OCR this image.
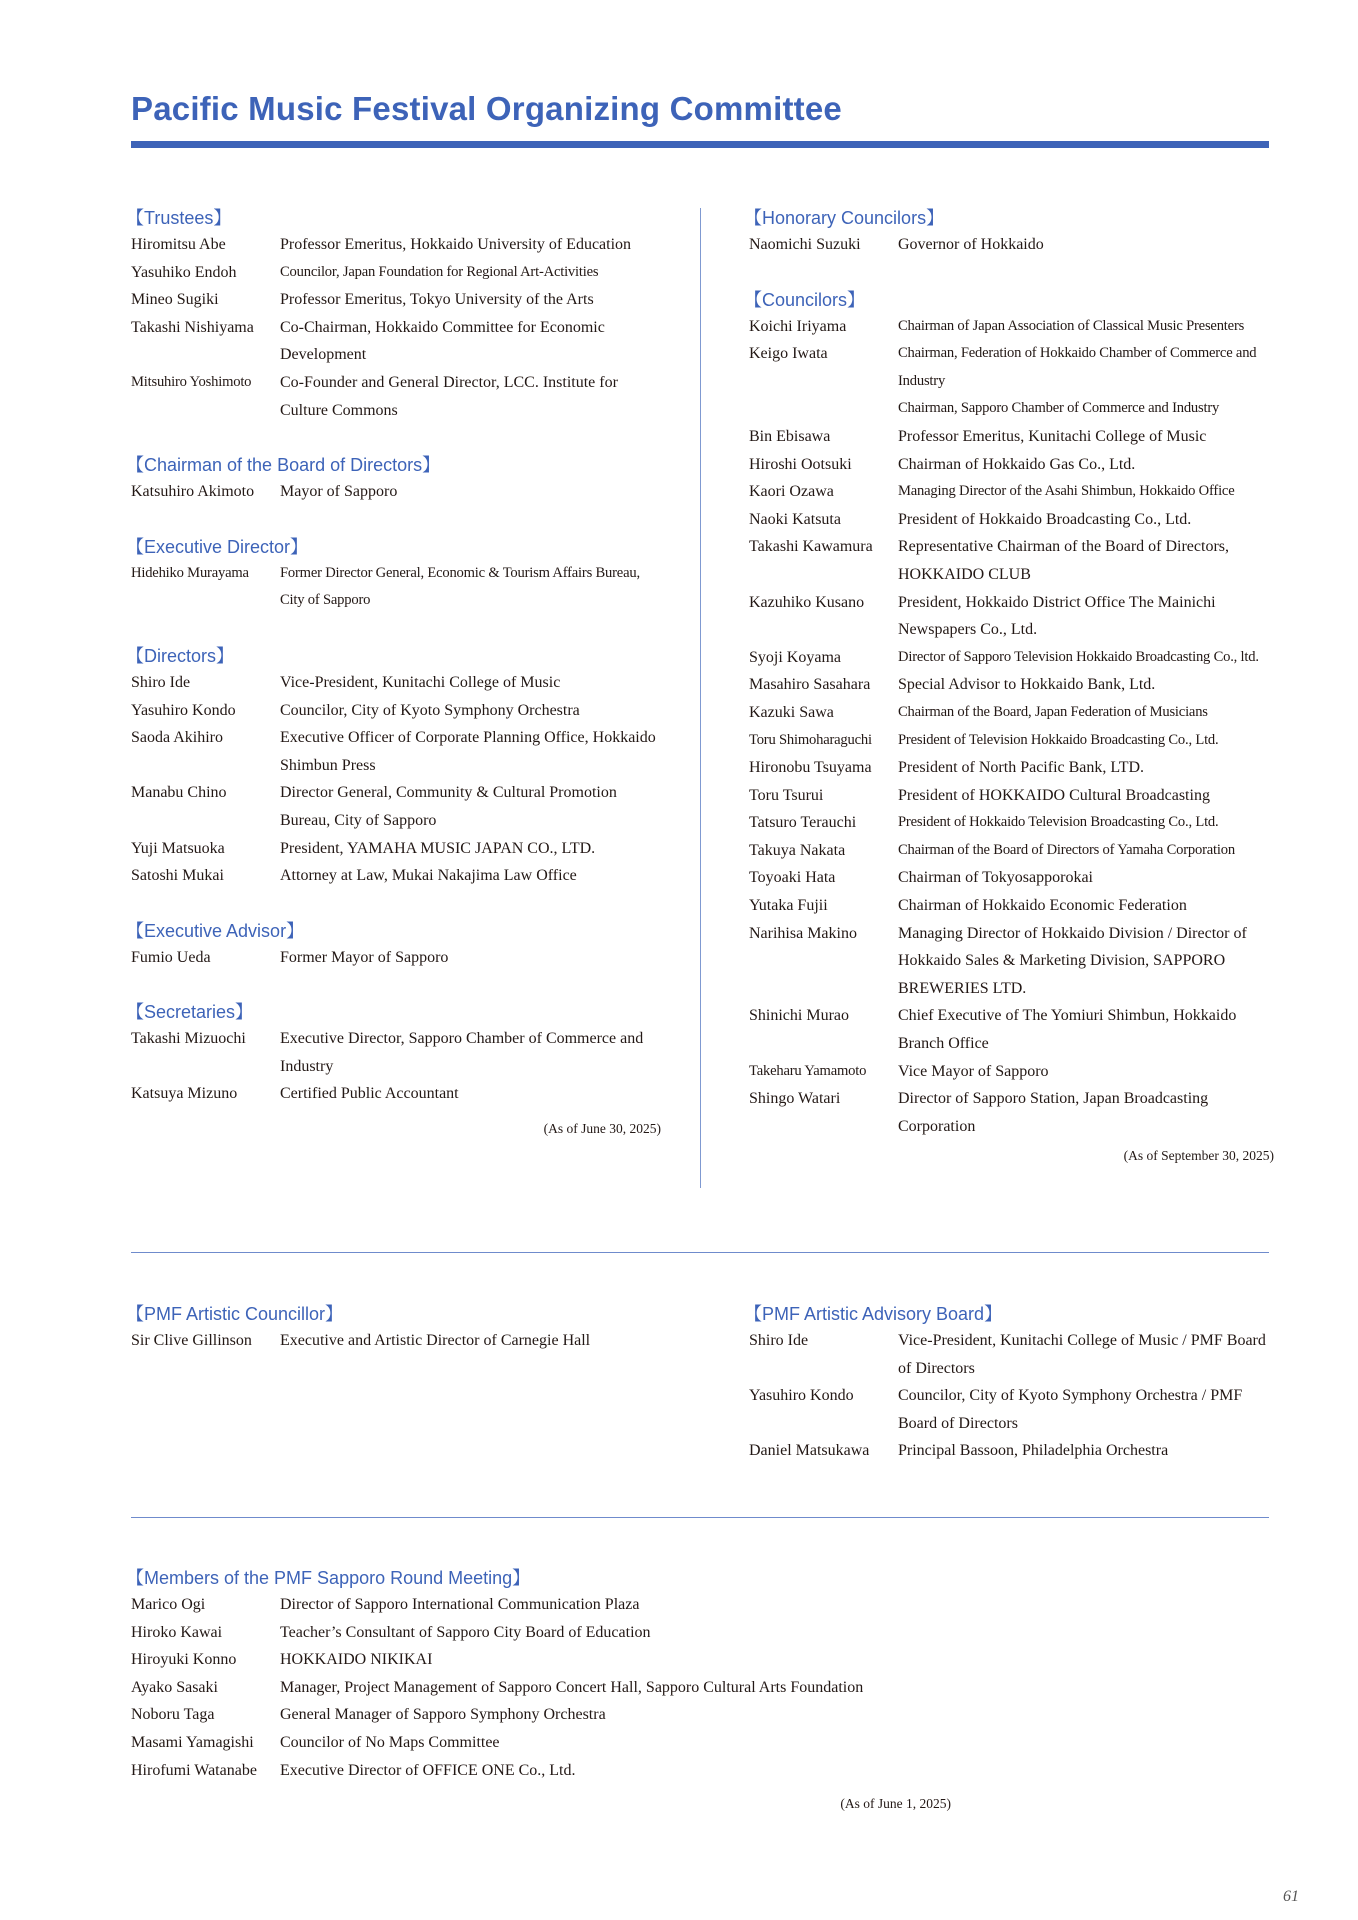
Pacific Music Festival Organizing Committee
【Trustees】
Hiromitsu Abe	Professor Emeritus, Hokkaido University of Education
Yasuhiko Endoh	Councilor, Japan Foundation for Regional Art-Activities
Mineo Sugiki	Professor Emeritus, Tokyo University of the Arts
Takashi Nishiyama	Co-Chairman, Hokkaido Committee for Economic Development
Mitsuhiro Yoshimoto	Co-Founder and General Director, LCC. Institute for Culture Commons
【Chairman of the Board of Directors】
Katsuhiro Akimoto	Mayor of Sapporo
【Executive Director】
Hidehiko Murayama	Former Director General, Economic & Tourism Affairs Bureau, City of Sapporo
【Directors】
Shiro Ide	Vice-President, Kunitachi College of Music
Yasuhiro Kondo	Councilor, City of Kyoto Symphony Orchestra
Saoda Akihiro	Executive Officer of Corporate Planning Office, Hokkaido Shimbun Press
Manabu Chino	Director General, Community & Cultural Promotion Bureau, City of Sapporo
Yuji Matsuoka	President, YAMAHA MUSIC JAPAN CO., LTD.
Satoshi Mukai	Attorney at Law, Mukai Nakajima Law Office
【Executive Advisor】
Fumio Ueda	Former Mayor of Sapporo
【Secretaries】
Takashi Mizuochi	Executive Director, Sapporo Chamber of Commerce and Industry
Katsuya Mizuno	Certified Public Accountant
(As of June 30, 2025)
【Honorary Councilors】
Naomichi Suzuki	Governor of Hokkaido
【Councilors】
Koichi Iriyama	Chairman of Japan Association of Classical Music Presenters
Keigo Iwata	Chairman, Federation of Hokkaido Chamber of Commerce and Industry
Chairman, Sapporo Chamber of Commerce and Industry
Bin Ebisawa	Professor Emeritus, Kunitachi College of Music
Hiroshi Ootsuki	Chairman of Hokkaido Gas Co., Ltd.
Kaori Ozawa	Managing Director of the Asahi Shimbun, Hokkaido Office
Naoki Katsuta	President of Hokkaido Broadcasting Co., Ltd.
Takashi Kawamura	Representative Chairman of the Board of Directors, HOKKAIDO CLUB
Kazuhiko Kusano	President, Hokkaido District Office The Mainichi Newspapers Co., Ltd.
Syoji Koyama	Director of Sapporo Television Hokkaido Broadcasting Co., ltd.
Masahiro Sasahara	Special Advisor to Hokkaido Bank, Ltd.
Kazuki Sawa	Chairman of the Board, Japan Federation of Musicians
Toru Shimoharaguchi	President of Television Hokkaido Broadcasting Co., Ltd.
Hironobu Tsuyama	President of North Pacific Bank, LTD.
Toru Tsurui	President of HOKKAIDO Cultural Broadcasting
Tatsuro Terauchi	President of Hokkaido Television Broadcasting Co., Ltd.
Takuya Nakata	Chairman of the Board of Directors of Yamaha Corporation
Toyoaki Hata	Chairman of Tokyosapporokai
Yutaka Fujii	Chairman of Hokkaido Economic Federation
Narihisa Makino	Managing Director of Hokkaido Division / Director of Hokkaido Sales & Marketing Division, SAPPORO BREWERIES LTD.
Shinichi Murao	Chief Executive of The Yomiuri Shimbun, Hokkaido Branch Office
Takeharu Yamamoto	Vice Mayor of Sapporo
Shingo Watari	Director of Sapporo Station, Japan Broadcasting Corporation
(As of September 30, 2025)
【PMF Artistic Councillor】
Sir Clive Gillinson	Executive and Artistic Director of Carnegie Hall
【PMF Artistic Advisory Board】
Shiro Ide	Vice-President, Kunitachi College of Music / PMF Board of Directors
Yasuhiro Kondo	Councilor, City of Kyoto Symphony Orchestra / PMF Board of Directors
Daniel Matsukawa	Principal Bassoon, Philadelphia Orchestra
【Members of the PMF Sapporo Round Meeting】
Marico Ogi	Director of Sapporo International Communication Plaza
Hiroko Kawai	Teacher’s Consultant of Sapporo City Board of Education
Hiroyuki Konno	HOKKAIDO NIKIKAI
Ayako Sasaki	Manager, Project Management of Sapporo Concert Hall, Sapporo Cultural Arts Foundation
Noboru Taga	General Manager of Sapporo Symphony Orchestra
Masami Yamagishi	Councilor of No Maps Committee
Hirofumi Watanabe	Executive Director of OFFICE ONE Co., Ltd.
(As of June 1, 2025)
61
